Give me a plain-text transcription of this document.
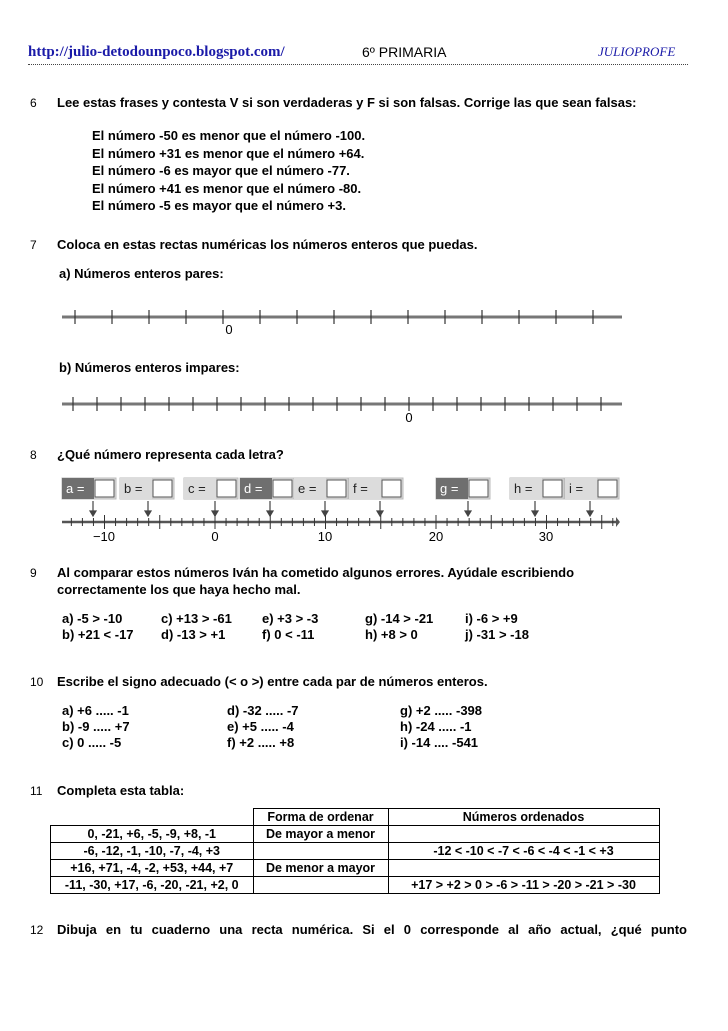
http://julio-detodounpoco.blogspot.com/	6º PRIMARIA	JULIOPROFE
6 Lee estas frases y contesta V si son verdaderas y F si son falsas. Corrige las que sean falsas:
El número -50 es menor que el número -100.
El número +31 es menor que el número +64.
El número -6 es mayor que el número -77.
El número +41 es menor que el número -80.
El número -5 es mayor que el número +3.
7 Coloca en estas rectas numéricas los números enteros que puedas.
a) Números enteros pares:
0
b) Números enteros impares:
0
8 ¿Qué número representa cada letra?
a =	b =	c =	d =	e =	f =	g =	h =	i =
−10	0	10	20	30
9 Al comparar estos números Iván ha cometido algunos errores. Ayúdale escribiendo
correctamente los que haya hecho mal.
a) -5 > -10	c) +13 > -61 e) +3 > -3	g) -14 > -21 i) -6 > +9
b) +21 < -17 d) -13 > +1	f) 0 < -11	h) +8 > 0	j) -31 > -18
10 Escribe el signo adecuado (< o >) entre cada par de números enteros.
a) +6 ..... -1
b) -9 ..... +7
c) 0 ..... -5
d) -32 ..... -7
e) +5 ..... -4
f) +2 ..... +8
g) +2 ..... -398
h) -24 ..... -1
i) -14 .... -541
11 Completa esta tabla:
	Forma de ordenar	Números ordenados
0, -21, +6, -5, -9, +8, -1	De mayor a menor	
-6, -12, -1, -10, -7, -4, +3		-12 < -10 < -7 < -6 < -4 < -1 < +3
+16, +71, -4, -2, +53, +44, +7	De menor a mayor	
-11, -30, +17, -6, -20, -21, +2, 0		+17 > +2 > 0 > -6 > -11 > -20 > -21 > -30
12 Dibuja en tu cuaderno una recta numérica. Si el 0 corresponde al año actual, ¿qué punto
